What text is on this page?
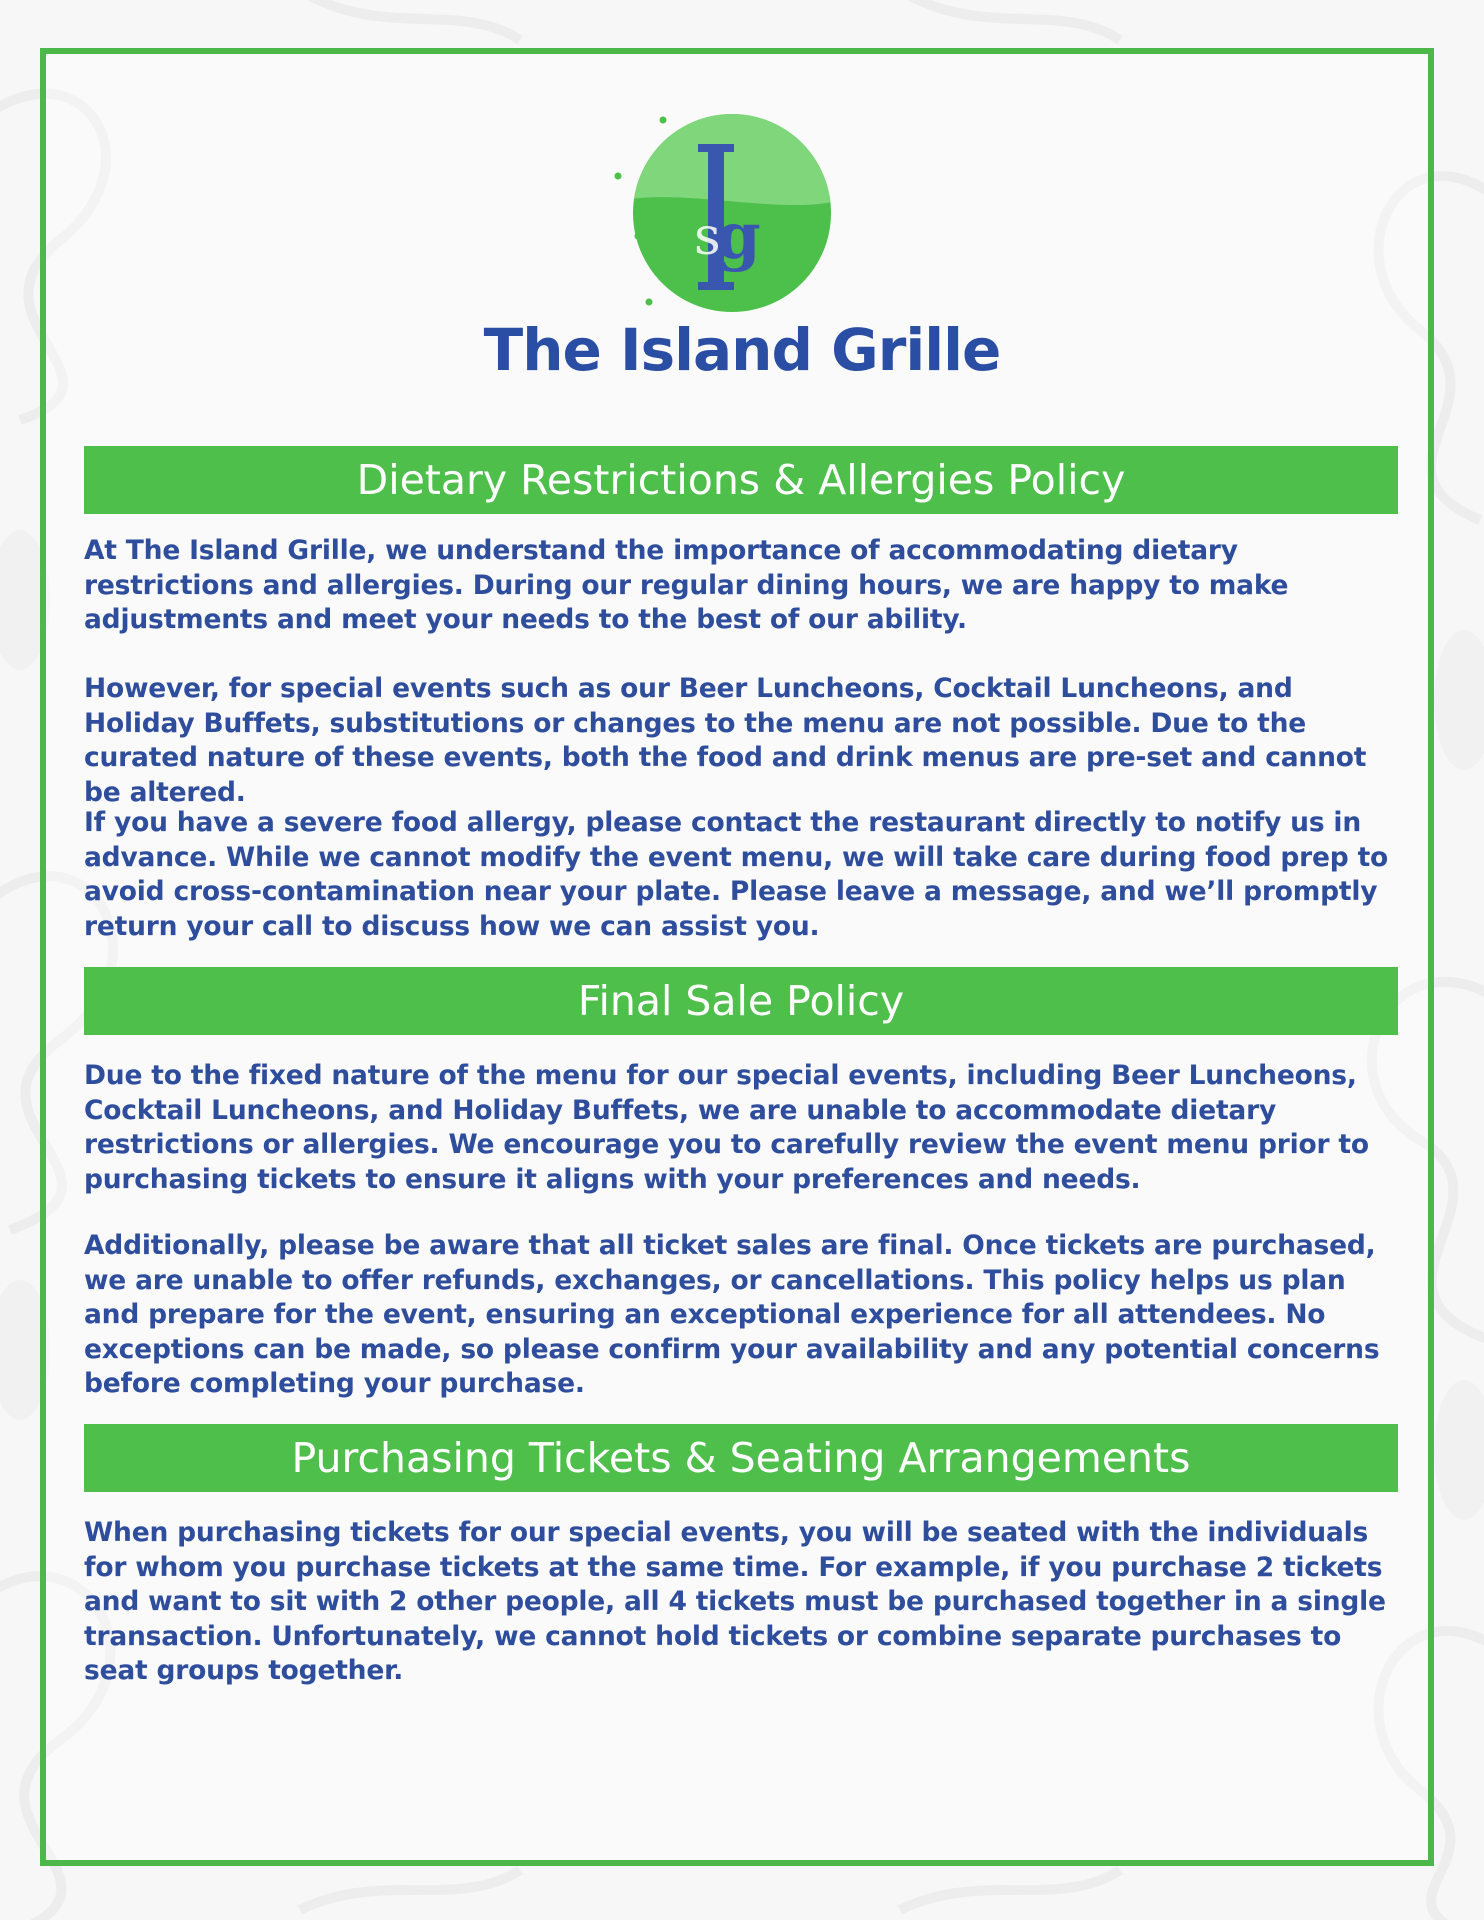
g
s
The Island Grille
Dietary Restrictions & Allergies Policy

At The Island Grille, we understand the importance of accommodating dietary restrictions and allergies. During our regular dining hours, we are happy to make adjustments and meet your needs to the best of our ability.

However, for special events such as our Beer Luncheons, Cocktail Luncheons, and Holiday Buffets, substitutions or changes to the menu are not possible. Due to the curated nature of these events, both the food and drink menus are pre-set and cannot be altered.

If you have a severe food allergy, please contact the restaurant directly to notify us in advance. While we cannot modify the event menu, we will take care during food prep to avoid cross-contamination near your plate. Please leave a message, and we’ll promptly return your call to discuss how we can assist you.

Final Sale Policy

Due to the fixed nature of the menu for our special events, including Beer Luncheons, Cocktail Luncheons, and Holiday Buffets, we are unable to accommodate dietary restrictions or allergies. We encourage you to carefully review the event menu prior to purchasing tickets to ensure it aligns with your preferences and needs.

Additionally, please be aware that all ticket sales are final. Once tickets are purchased, we are unable to offer refunds, exchanges, or cancellations. This policy helps us plan and prepare for the event, ensuring an exceptional experience for all attendees. No exceptions can be made, so please confirm your availability and any potential concerns before completing your purchase.

Purchasing Tickets & Seating Arrangements

When purchasing tickets for our special events, you will be seated with the individuals for whom you purchase tickets at the same time. For example, if you purchase 2 tickets and want to sit with 2 other people, all 4 tickets must be purchased together in a single transaction. Unfortunately, we cannot hold tickets or combine separate purchases to seat groups together.
